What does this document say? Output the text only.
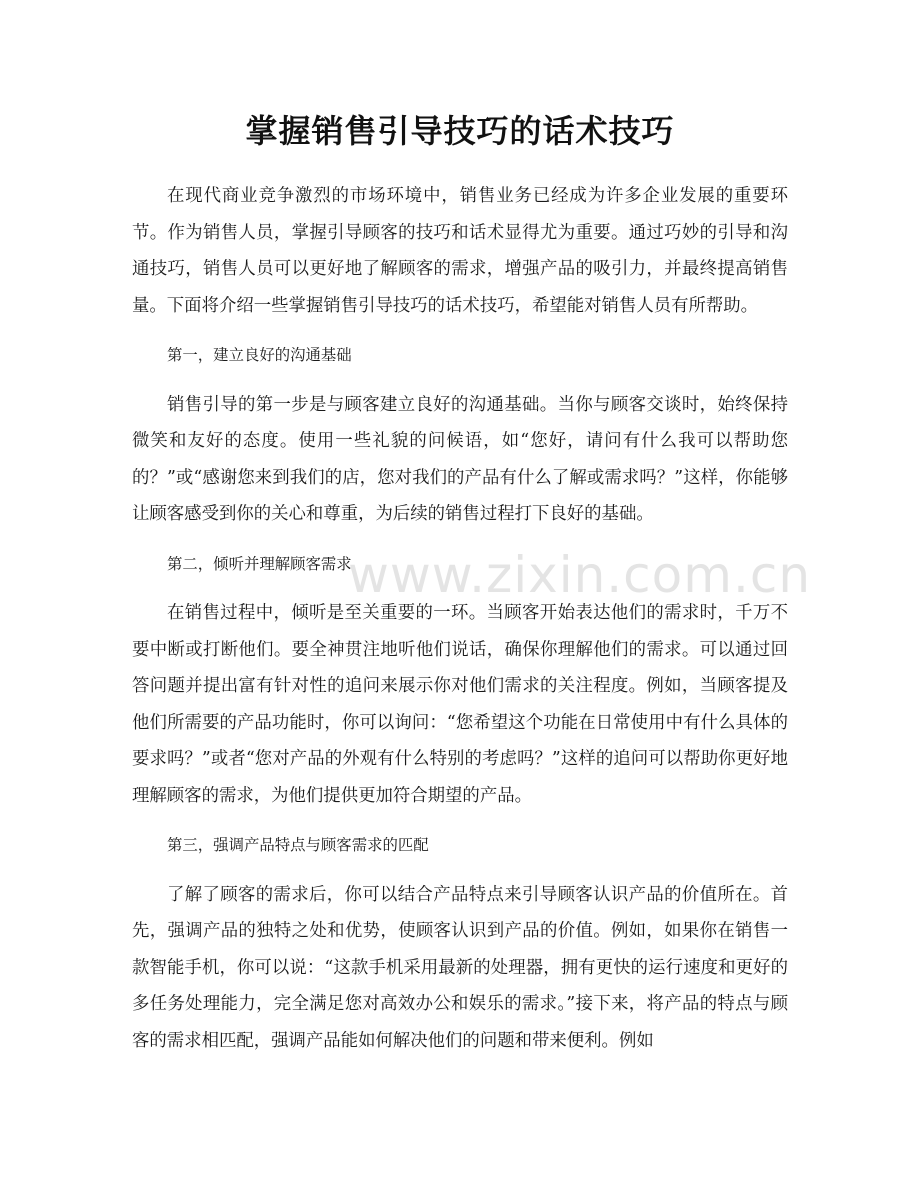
掌握销售引导技巧的话术技巧

在现代商业竞争激烈的市场环境中，销售业务已经成为许多企业发展的重要环节。作为销售人员，掌握引导顾客的技巧和话术显得尤为重要。通过巧妙的引导和沟通技巧，销售人员可以更好地了解顾客的需求，增强产品的吸引力，并最终提高销售量。下面将介绍一些掌握销售引导技巧的话术技巧，希望能对销售人员有所帮助。

第一，建立良好的沟通基础

销售引导的第一步是与顾客建立良好的沟通基础。当你与顾客交谈时，始终保持微笑和友好的态度。使用一些礼貌的问候语，如“您好，请问有什么我可以帮助您的？”或“感谢您来到我们的店，您对我们的产品有什么了解或需求吗？”这样，你能够让顾客感受到你的关心和尊重，为后续的销售过程打下良好的基础。

第二，倾听并理解顾客需求

在销售过程中，倾听是至关重要的一环。当顾客开始表达他们的需求时，千万不要中断或打断他们。要全神贯注地听他们说话，确保你理解他们的需求。可以通过回答问题并提出富有针对性的追问来展示你对他们需求的关注程度。例如，当顾客提及他们所需要的产品功能时，你可以询问：“您希望这个功能在日常使用中有什么具体的要求吗？”或者“您对产品的外观有什么特别的考虑吗？”这样的追问可以帮助你更好地理解顾客的需求，为他们提供更加符合期望的产品。

第三，强调产品特点与顾客需求的匹配

了解了顾客的需求后，你可以结合产品特点来引导顾客认识产品的价值所在。首先，强调产品的独特之处和优势，使顾客认识到产品的价值。例如，如果你在销售一款智能手机，你可以说：“这款手机采用最新的处理器，拥有更快的运行速度和更好的多任务处理能力，完全满足您对高效办公和娱乐的需求。”接下来，将产品的特点与顾客的需求相匹配，强调产品能如何解决他们的问题和带来便利。例如

www.zixin.com.cn
